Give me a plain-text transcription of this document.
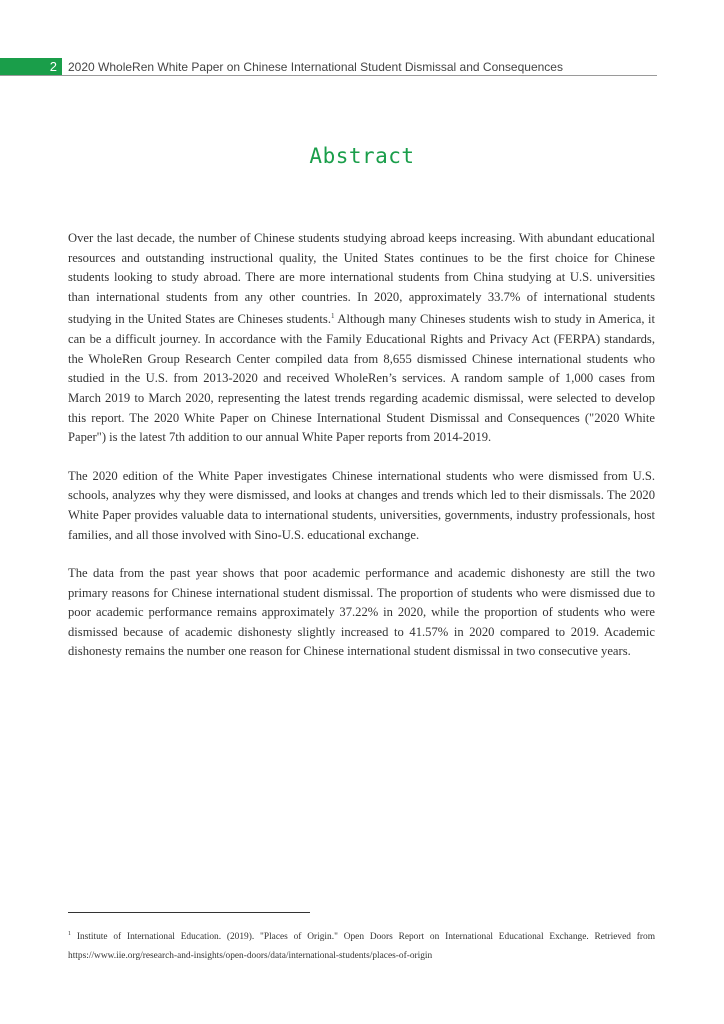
2 2020 WholeRen White Paper on Chinese International Student Dismissal and Consequences
Abstract

Over the last decade, the number of Chinese students studying abroad keeps increasing. With abundant educational resources and outstanding instructional quality, the United States continues to be the first choice for Chinese students looking to study abroad. There are more international students from China studying at U.S. universities than international students from any other countries. In 2020, approximately 33.7% of international students studying in the United States are Chineses students.$^1$ Although many Chineses students wish to study in America, it can be a difficult journey. In accordance with the Family Educational Rights and Privacy Act (FERPA) standards, the WholeRen Group Research Center compiled data from 8,655 dismissed Chinese international students who studied in the U.S. from 2013-2020 and received WholeRen’s services. A random sample of 1,000 cases from March 2019 to March 2020, representing the latest trends regarding academic dismissal, were selected to develop this report. The 2020 White Paper on Chinese International Student Dismissal and Consequences ("2020 White Paper") is the latest 7th addition to our annual White Paper reports from 2014-2019.

The 2020 edition of the White Paper investigates Chinese international students who were dismissed from U.S. schools, analyzes why they were dismissed, and looks at changes and trends which led to their dismissals. The 2020 White Paper provides valuable data to international students, universities, governments, industry professionals, host families, and all those involved with Sino-U.S. educational exchange.

The data from the past year shows that poor academic performance and academic dishonesty are still the two primary reasons for Chinese international student dismissal. The proportion of students who were dismissed due to poor academic performance remains approximately 37.22% in 2020, while the proportion of students who were dismissed because of academic dishonesty slightly increased to 41.57% in 2020 compared to 2019. Academic dishonesty remains the number one reason for Chinese international student dismissal in two consecutive years.

$^1$ Institute of International Education. (2019). "Places of Origin." Open Doors Report on International Educational Exchange. Retrieved from https://www.iie.org/research-and-insights/open-doors/data/international-students/places-of-origin
